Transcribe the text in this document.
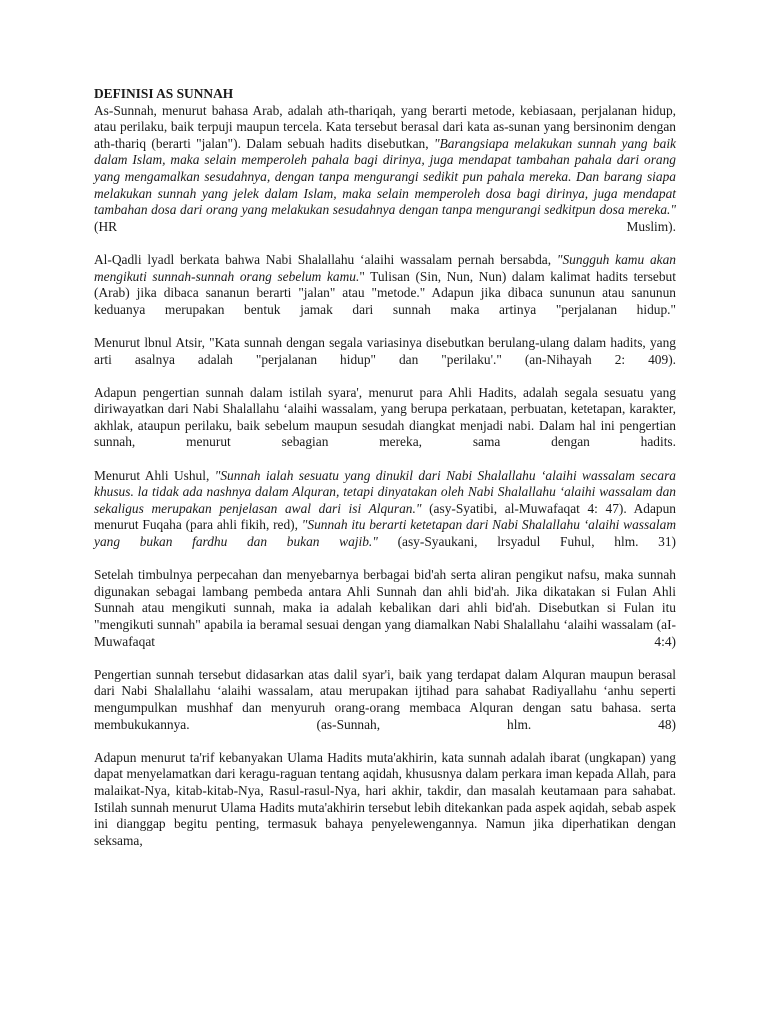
DEFINISI AS SUNNAH

As-Sunnah, menurut bahasa Arab, adalah ath-thariqah, yang berarti metode, kebiasaan, perjalanan hidup, atau perilaku, baik terpuji maupun tercela. Kata tersebut berasal dari kata as-sunan yang bersinonim dengan ath-thariq (berarti "jalan"). Dalam sebuah hadits disebutkan, "Barangsiapa melakukan sunnah yang baik dalam Islam, maka selain memperoleh pahala bagi dirinya, juga mendapat tambahan pahala dari orang yang mengamalkan sesudahnya, dengan tanpa mengurangi sedikit pun pahala mereka. Dan barang siapa melakukan sunnah yang jelek dalam Islam, maka selain memperoleh dosa bagi dirinya, juga mendapat tambahan dosa dari orang yang melakukan sesudahnya dengan tanpa mengurangi sedkitpun dosa mereka." (HR Muslim).

Al-Qadli lyadl berkata bahwa Nabi Shalallahu ‘alaihi wassalam pernah bersabda, "Sungguh kamu akan mengikuti sunnah-sunnah orang sebelum kamu." Tulisan (Sin, Nun, Nun) dalam kalimat hadits tersebut (Arab) jika dibaca sananun berarti "jalan" atau "metode." Adapun jika dibaca sununun atau sanunun keduanya merupakan bentuk jamak dari sunnah maka artinya "perjalanan hidup."

Menurut lbnul Atsir, "Kata sunnah dengan segala variasinya disebutkan berulang-ulang dalam hadits, yang arti asalnya adalah "perjalanan hidup" dan "perilaku'." (an-Nihayah 2: 409).

Adapun pengertian sunnah dalam istilah syara', menurut para Ahli Hadits, adalah segala sesuatu yang diriwayatkan dari Nabi Shalallahu ‘alaihi wassalam, yang berupa perkataan, perbuatan, ketetapan, karakter, akhlak, ataupun perilaku, baik sebelum maupun sesudah diangkat menjadi nabi. Dalam hal ini pengertian sunnah, menurut sebagian mereka, sama dengan hadits.

Menurut Ahli Ushul, "Sunnah ialah sesuatu yang dinukil dari Nabi Shalallahu ‘alaihi wassalam secara khusus. la tidak ada nashnya dalam Alquran, tetapi dinyatakan oleh Nabi Shalallahu ‘alaihi wassalam dan sekaligus merupakan penjelasan awal dari isi Alquran." (asy-Syatibi, al-Muwafaqat 4: 47). Adapun menurut Fuqaha (para ahli fikih, red), "Sunnah itu berarti ketetapan dari Nabi Shalallahu ‘alaihi wassalam yang bukan fardhu dan bukan wajib." (asy-Syaukani, lrsyadul Fuhul, hlm. 31)

Setelah timbulnya perpecahan dan menyebarnya berbagai bid'ah serta aliran pengikut nafsu, maka sunnah digunakan sebagai lambang pembeda antara Ahli Sunnah dan ahli bid'ah. Jika dikatakan si Fulan Ahli Sunnah atau mengikuti sunnah, maka ia adalah kebalikan dari ahli bid'ah. Disebutkan si Fulan itu "mengikuti sunnah" apabila ia beramal sesuai dengan yang diamalkan Nabi Shalallahu ‘alaihi wassalam (aI-Muwafaqat 4:4)

Pengertian sunnah tersebut didasarkan atas dalil syar'i, baik yang terdapat dalam Alquran maupun berasal dari Nabi Shalallahu ‘alaihi wassalam, atau merupakan ijtihad para sahabat Radiyallahu ‘anhu seperti mengumpulkan mushhaf dan menyuruh orang-orang membaca Alquran dengan satu bahasa. serta membukukannya. (as-Sunnah, hlm. 48)

Adapun menurut ta'rif kebanyakan Ulama Hadits muta'akhirin, kata sunnah adalah ibarat (ungkapan) yang dapat menyelamatkan dari keragu-raguan tentang aqidah, khususnya dalam perkara iman kepada Allah, para malaikat-Nya, kitab-kitab-Nya, Rasul-rasul-Nya, hari akhir, takdir, dan masalah keutamaan para sahabat. Istilah sunnah menurut Ulama Hadits muta'akhirin tersebut lebih ditekankan pada aspek aqidah, sebab aspek ini dianggap begitu penting, termasuk bahaya penyelewengannya. Namun jika diperhatikan dengan seksama,
